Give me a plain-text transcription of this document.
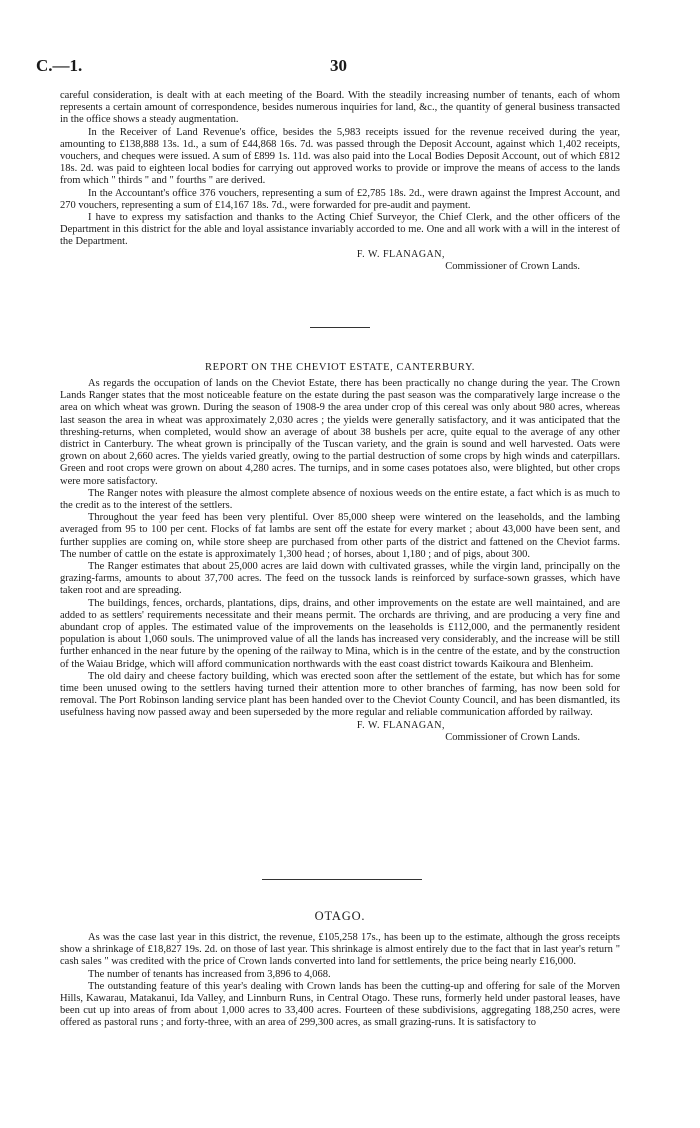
C.—1.	30

careful consideration, is dealt with at each meeting of the Board. With the steadily increasing number of tenants, each of whom represents a certain amount of correspondence, besides numerous inquiries for land, &c., the quantity of general business transacted in the office shows a steady augmentation.

In the Receiver of Land Revenue's office, besides the 5,983 receipts issued for the revenue received during the year, amounting to £138,888 13s. 1d., a sum of £44,868 16s. 7d. was passed through the Deposit Account, against which 1,402 receipts, vouchers, and cheques were issued. A sum of £899 1s. 11d. was also paid into the Local Bodies Deposit Account, out of which £812 18s. 2d. was paid to eighteen local bodies for carrying out approved works to provide or improve the means of access to the lands from which " thirds " and " fourths " are derived.

In the Accountant's office 376 vouchers, representing a sum of £2,785 18s. 2d., were drawn against the Imprest Account, and 270 vouchers, representing a sum of £14,167 18s. 7d., were forwarded for pre-audit and payment.

I have to express my satisfaction and thanks to the Acting Chief Surveyor, the Chief Clerk, and the other officers of the Department in this district for the able and loyal assistance invariably accorded to me. One and all work with a will in the interest of the Department.

F. W. FLANAGAN,

Commissioner of Crown Lands.

REPORT ON THE CHEVIOT ESTATE, CANTERBURY.

As regards the occupation of lands on the Cheviot Estate, there has been practically no change during the year. The Crown Lands Ranger states that the most noticeable feature on the estate during the past season was the comparatively large increase o the area on which wheat was grown. During the season of 1908-9 the area under crop of this cereal was only about 980 acres, whereas last season the area in wheat was approximately 2,030 acres ; the yields were generally satisfactory, and it was anticipated that the threshing-returns, when completed, would show an average of about 38 bushels per acre, quite equal to the average of any other district in Canterbury. The wheat grown is principally of the Tuscan variety, and the grain is sound and well harvested. Oats were grown on about 2,660 acres. The yields varied greatly, owing to the partial destruction of some crops by high winds and caterpillars. Green and root crops were grown on about 4,280 acres. The turnips, and in some cases potatoes also, were blighted, but other crops were more satisfactory.

The Ranger notes with pleasure the almost complete absence of noxious weeds on the entire estate, a fact which is as much to the credit as to the interest of the settlers.

Throughout the year feed has been very plentiful. Over 85,000 sheep were wintered on the leaseholds, and the lambing averaged from 95 to 100 per cent. Flocks of fat lambs are sent off the estate for every market ; about 43,000 have been sent, and further supplies are coming on, while store sheep are purchased from other parts of the district and fattened on the Cheviot farms. The number of cattle on the estate is approximately 1,300 head ; of horses, about 1,180 ; and of pigs, about 300.

The Ranger estimates that about 25,000 acres are laid down with cultivated grasses, while the virgin land, principally on the grazing-farms, amounts to about 37,700 acres. The feed on the tussock lands is reinforced by surface-sown grasses, which have taken root and are spreading.

The buildings, fences, orchards, plantations, dips, drains, and other improvements on the estate are well maintained, and are added to as settlers' requirements necessitate and their means permit. The orchards are thriving, and are producing a very fine and abundant crop of apples. The estimated value of the improvements on the leaseholds is £112,000, and the permanently resident population is about 1,060 souls. The unimproved value of all the lands has increased very considerably, and the increase will be still further enhanced in the near future by the opening of the railway to Mina, which is in the centre of the estate, and by the construction of the Waiau Bridge, which will afford communication northwards with the east coast district towards Kaikoura and Blenheim.

The old dairy and cheese factory building, which was erected soon after the settlement of the estate, but which has for some time been unused owing to the settlers having turned their attention more to other branches of farming, has now been sold for removal. The Port Robinson landing service plant has been handed over to the Cheviot County Council, and has been dismantled, its usefulness having now passed away and been superseded by the more regular and reliable communication afforded by railway.

F. W. FLANAGAN,

Commissioner of Crown Lands.

OTAGO.

As was the case last year in this district, the revenue, £105,258 17s., has been up to the estimate, although the gross receipts show a shrinkage of £18,827 19s. 2d. on those of last year. This shrinkage is almost entirely due to the fact that in last year's return " cash sales " was credited with the price of Crown lands converted into land for settlements, the price being nearly £16,000.

The number of tenants has increased from 3,896 to 4,068.

The outstanding feature of this year's dealing with Crown lands has been the cutting-up and offering for sale of the Morven Hills, Kawarau, Matakanui, Ida Valley, and Linnburn Runs, in Central Otago. These runs, formerly held under pastoral leases, have been cut up into areas of from about 1,000 acres to 33,400 acres. Fourteen of these subdivisions, aggregating 188,250 acres, were offered as pastoral runs ; and forty-three, with an area of 299,300 acres, as small grazing-runs. It is satisfactory to
